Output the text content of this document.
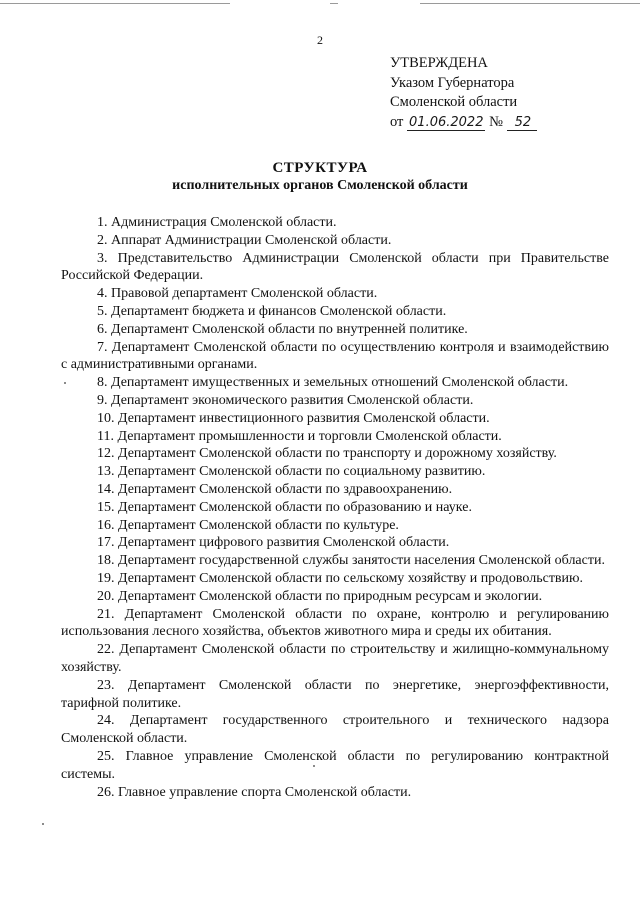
2
УТВЕРЖДЕНА
Указом Губернатора
Смоленской области
от 01.06.2022 № 52
СТРУКТУРА
исполнительных органов Смоленской области
1. Администрация Смоленской области.
2. Аппарат Администрации Смоленской области.
3. Представительство Администрации Смоленской области при Правительстве Российской Федерации.
4. Правовой департамент Смоленской области.
5. Департамент бюджета и финансов Смоленской области.
6. Департамент Смоленской области по внутренней политике.
7. Департамент Смоленской области по осуществлению контроля и взаимодействию с административными органами.
8. Департамент имущественных и земельных отношений Смоленской области.
9. Департамент экономического развития Смоленской области.
10. Департамент инвестиционного развития Смоленской области.
11. Департамент промышленности и торговли Смоленской области.
12. Департамент Смоленской области по транспорту и дорожному хозяйству.
13. Департамент Смоленской области по социальному развитию.
14. Департамент Смоленской области по здравоохранению.
15. Департамент Смоленской области по образованию и науке.
16. Департамент Смоленской области по культуре.
17. Департамент цифрового развития Смоленской области.
18. Департамент государственной службы занятости населения Смоленской области.
19. Департамент Смоленской области по сельскому хозяйству и продовольствию.
20. Департамент Смоленской области по природным ресурсам и экологии.
21. Департамент Смоленской области по охране, контролю и регулированию использования лесного хозяйства, объектов животного мира и среды их обитания.
22. Департамент Смоленской области по строительству и жилищно-коммунальному хозяйству.
23. Департамент Смоленской области по энергетике, энергоэффективности, тарифной политике.
24. Департамент государственного строительного и технического надзора Смоленской области.
25. Главное управление Смоленской области по регулированию контрактной системы.
26. Главное управление спорта Смоленской области.
